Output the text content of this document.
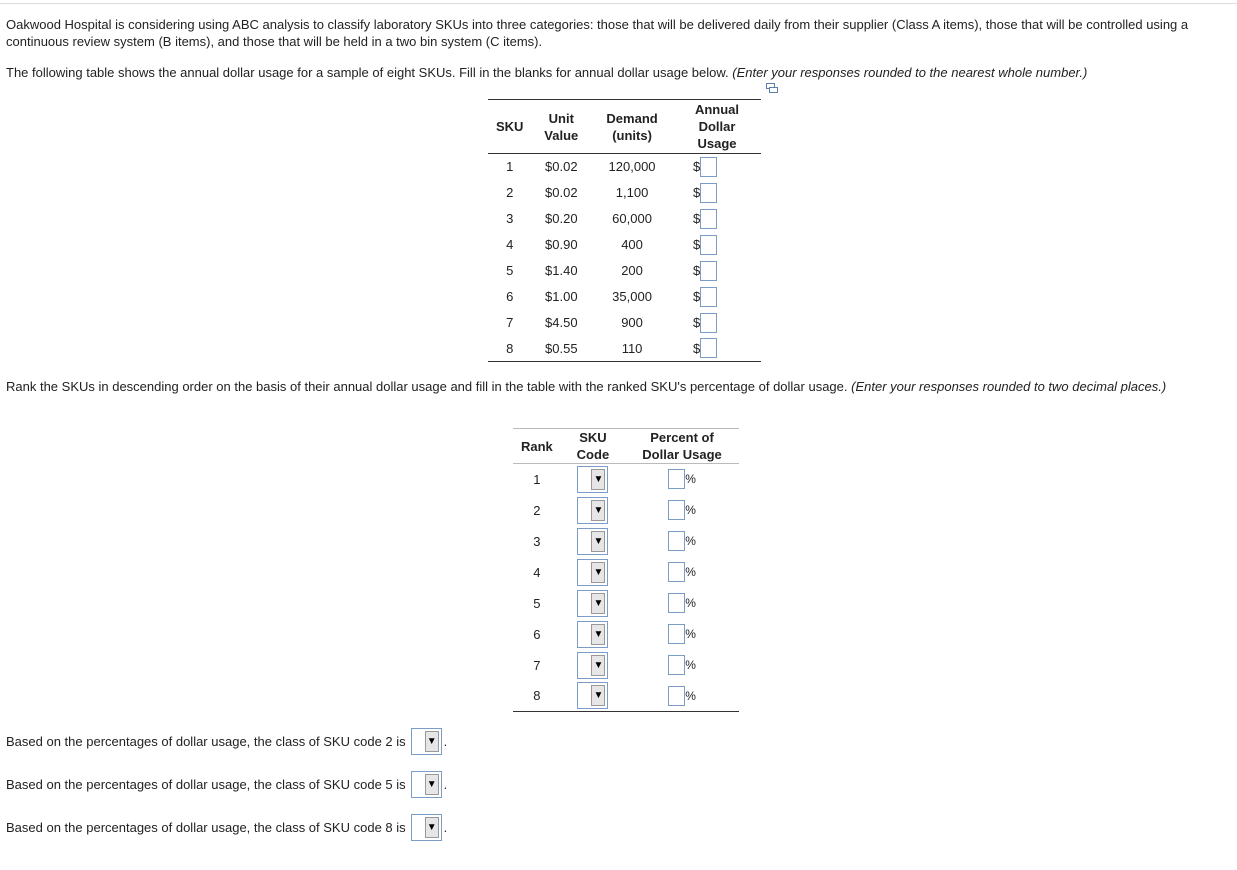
Oakwood Hospital is considering using ABC analysis to classify laboratory SKUs into three categories: those that will be delivered daily from their supplier (Class A items), those that will be controlled using a continuous review system (B items), and those that will be held in a two bin system (C items).
The following table shows the annual dollar usage for a sample of eight SKUs. Fill in the blanks for annual dollar usage below. (Enter your responses rounded to the nearest whole number.)
SKU	Unit Value	Demand (units)	Annual Dollar Usage
1	$0.02	120,000	$
2	$0.02	1,100	$
3	$0.20	60,000	$
4	$0.90	400	$
5	$1.40	200	$
6	$1.00	35,000	$
7	$4.50	900	$
8	$0.55	110	$
Rank the SKUs in descending order on the basis of their annual dollar usage and fill in the table with the ranked SKU's percentage of dollar usage. (Enter your responses rounded to two decimal places.)
Rank	SKU Code	Percent of Dollar Usage
1	▼	%
2	▼	%
3	▼	%
4	▼	%
5	▼	%
6	▼	%
7	▼	%
8	▼	%
Based on the percentages of dollar usage, the class of SKU code 2 is ▼ .
Based on the percentages of dollar usage, the class of SKU code 5 is ▼ .
Based on the percentages of dollar usage, the class of SKU code 8 is ▼ .
